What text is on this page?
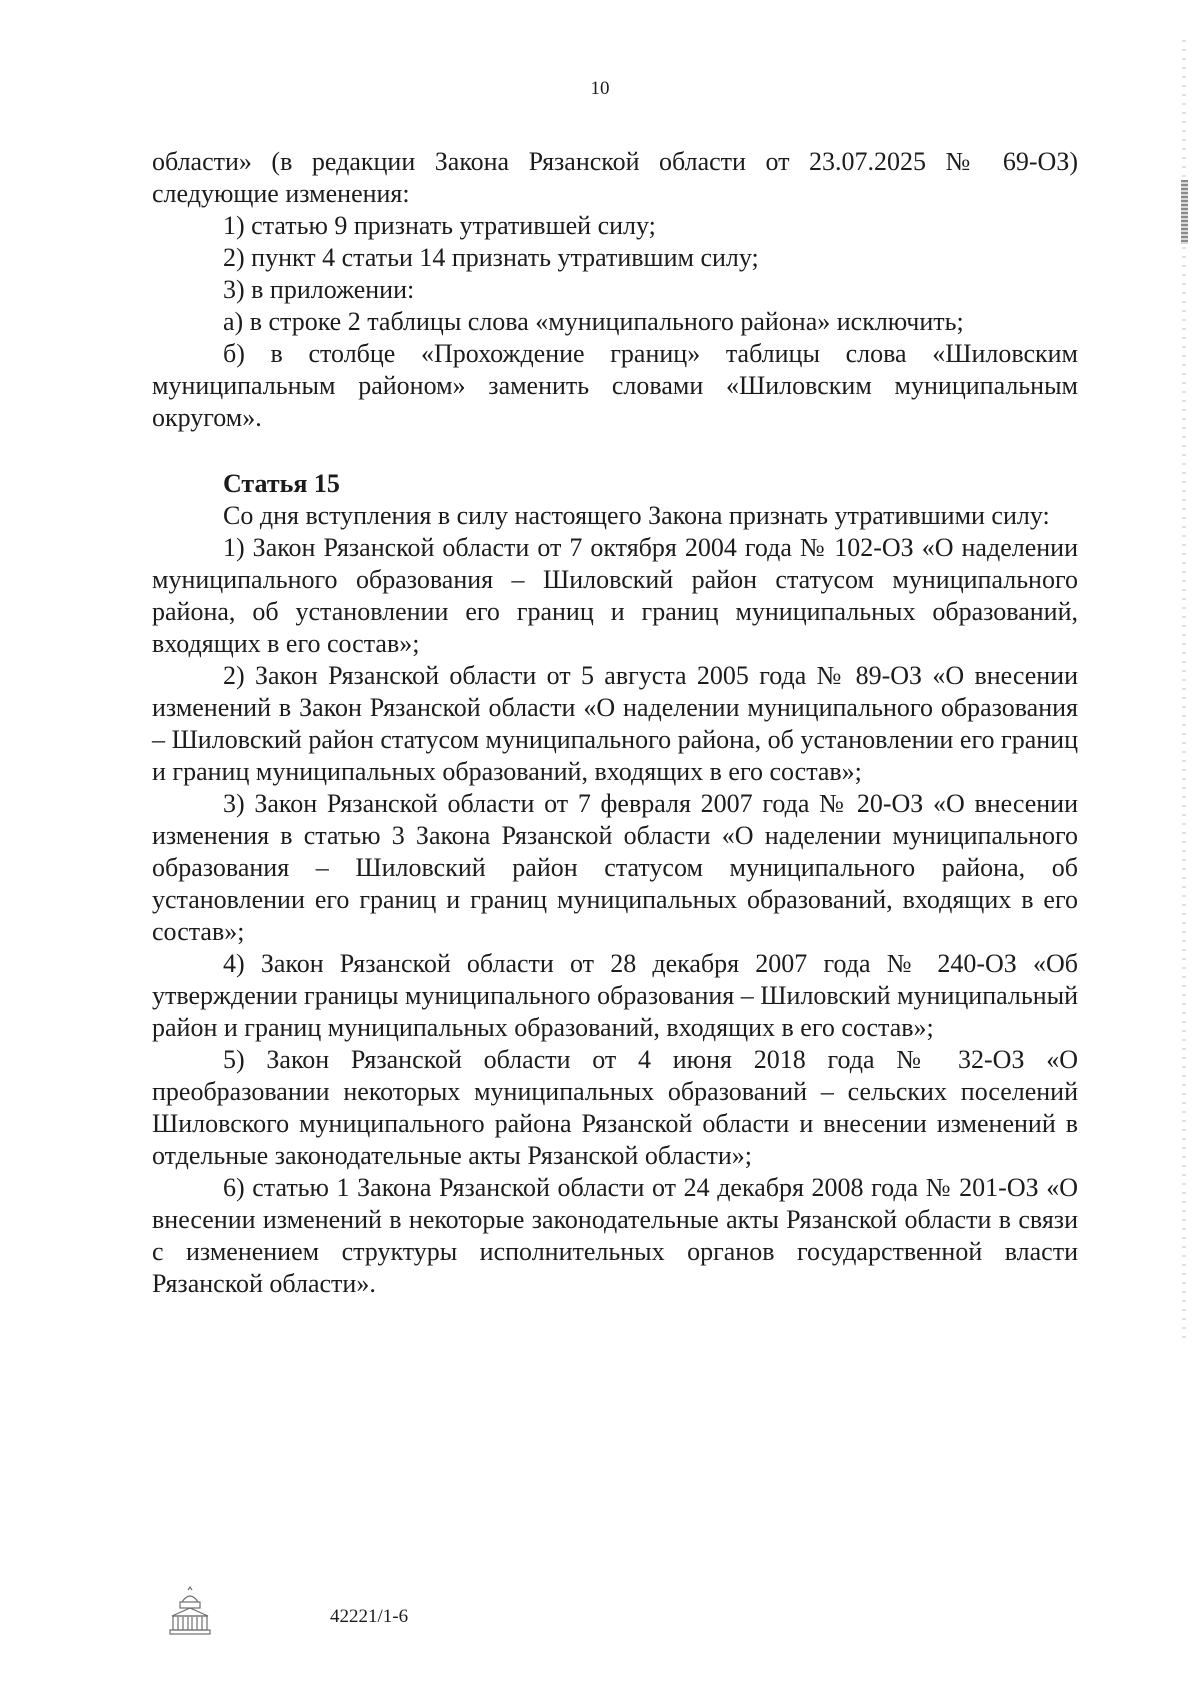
10

области» (в редакции Закона Рязанской области от 23.07.2025 № 69-ОЗ) следующие изменения:

1) статью 9 признать утратившей силу;

2) пункт 4 статьи 14 признать утратившим силу;

3) в приложении:

а) в строке 2 таблицы слова «муниципального района» исключить;

б) в столбце «Прохождение границ» таблицы слова «Шиловским муниципальным районом» заменить словами «Шиловским муниципальным округом».

Статья 15

Со дня вступления в силу настоящего Закона признать утратившими силу:

1) Закон Рязанской области от 7 октября 2004 года № 102-ОЗ «О наделении муниципального образования – Шиловский район статусом муниципального района, об установлении его границ и границ муниципальных образований, входящих в его состав»;

2) Закон Рязанской области от 5 августа 2005 года № 89-ОЗ «О внесении изменений в Закон Рязанской области «О наделении муниципального образования – Шиловский район статусом муниципального района, об установлении его границ и границ муниципальных образований, входящих в его состав»;

3) Закон Рязанской области от 7 февраля 2007 года № 20-ОЗ «О внесении изменения в статью 3 Закона Рязанской области «О наделении муниципального образования – Шиловский район статусом муниципального района, об установлении его границ и границ муниципальных образований, входящих в его состав»;

4) Закон Рязанской области от 28 декабря 2007 года № 240-ОЗ «Об утверждении границы муниципального образования – Шиловский муниципальный район и границ муниципальных образований, входящих в его состав»;

5) Закон Рязанской области от 4 июня 2018 года № 32-ОЗ «О преобразовании некоторых муниципальных образований – сельских поселений Шиловского муниципального района Рязанской области и внесении изменений в отдельные законодательные акты Рязанской области»;

6) статью 1 Закона Рязанской области от 24 декабря 2008 года № 201-ОЗ «О внесении изменений в некоторые законодательные акты Рязанской области в связи с изменением структуры исполнительных органов государственной власти Рязанской области».

42221/1-6
